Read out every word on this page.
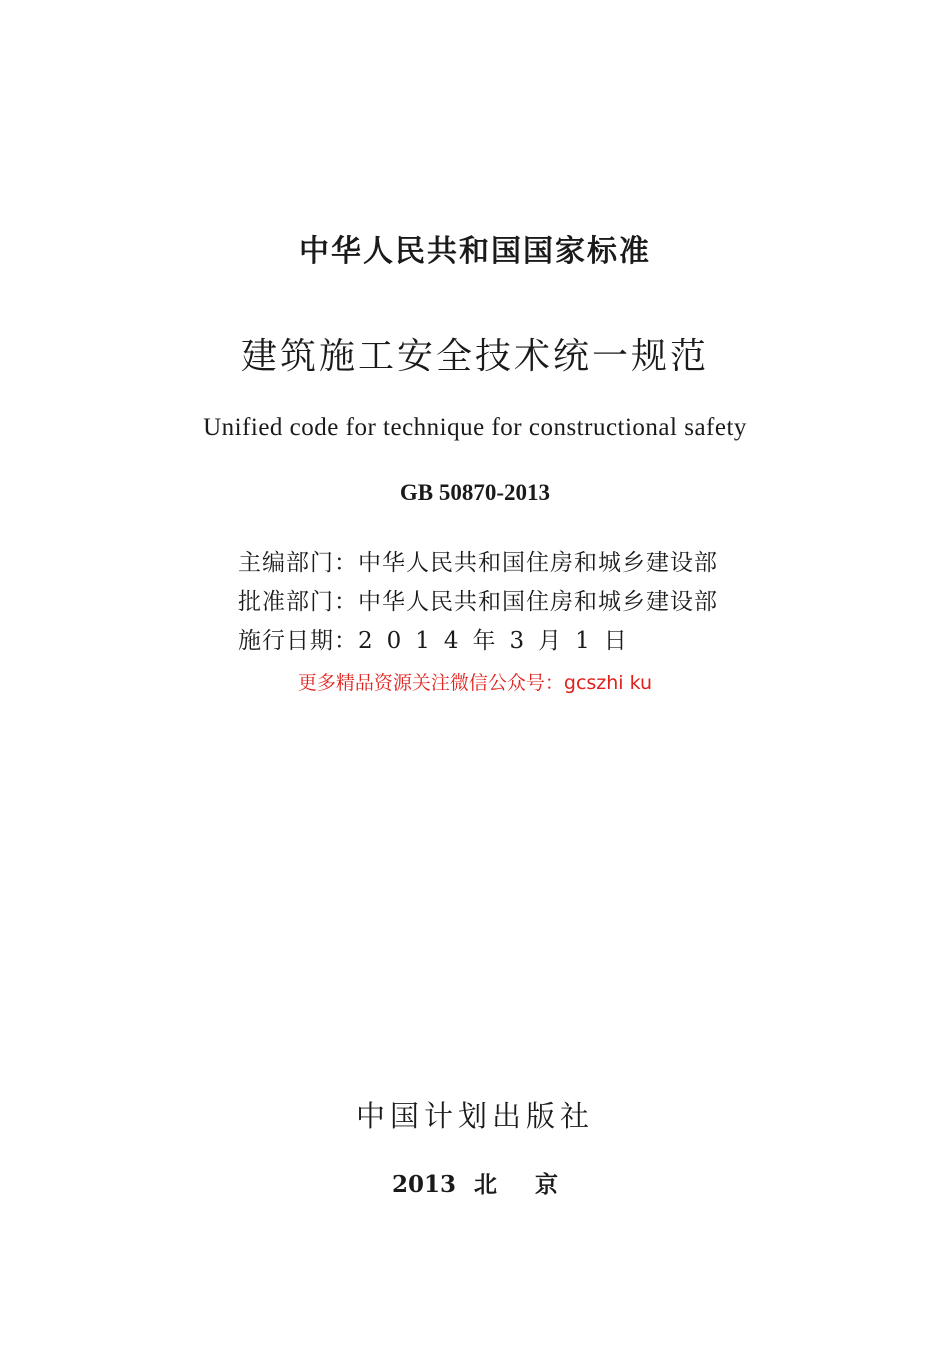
中华人民共和国国家标准
建筑施工安全技术统一规范
Unified code for technique for constructional safety
GB 50870-2013
主编部门：中华人民共和国住房和城乡建设部
批准部门：中华人民共和国住房和城乡建设部
施行日期：2014年3月1日
更多精品资源关注微信公众号：gcszhi ku
中国计划出版社
2013 北 京
